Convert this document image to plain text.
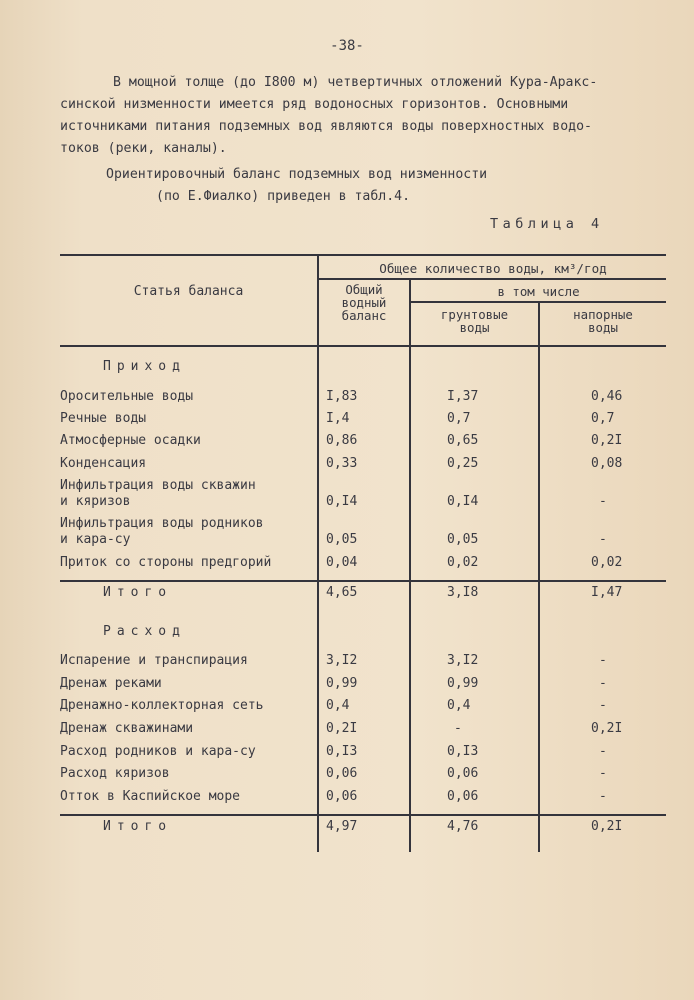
-38-
В мощной толще (до I800 м) четвертичных отложений Кура-Аракс-
синской низменности имеется ряд водоносных горизонтов. Основными
источниками питания подземных вод являются воды поверхностных водо-
токов (реки, каналы).
Ориентировочный баланс подземных вод низменности
(по Е.Фиалко) приведен в табл.4.
Таблица 4
Статья баланса
Общее количество воды, км³/год
Общий
водный
баланс
в том числе
грунтовые
воды
напорные
воды
Приход
Расход
Оросительные воды	I,83	I,37	0,46
Речные воды	I,4	0,7	0,7
Атмосферные осадки	0,86	0,65	0,2I
Конденсация	0,33	0,25	0,08
Инфильтрация воды скважин
и кяризов	0,I4	0,I4	-
Инфильтрация воды родников
и кара-су	0,05	0,05	-
Приток со стороны предгорий	0,04	0,02	0,02
Итого	4,65	3,I8	I,47
Испарение и транспирация	3,I2	3,I2	-
Дренаж реками	0,99	0,99	-
Дренажно-коллекторная сеть	0,4	0,4	-
Дренаж скважинами	0,2I	-	0,2I
Расход родников и кара-су	0,I3	0,I3	-
Расход кяризов	0,06	0,06	-
Отток в Каспийское море	0,06	0,06	-
Итого	4,97	4,76	0,2I
